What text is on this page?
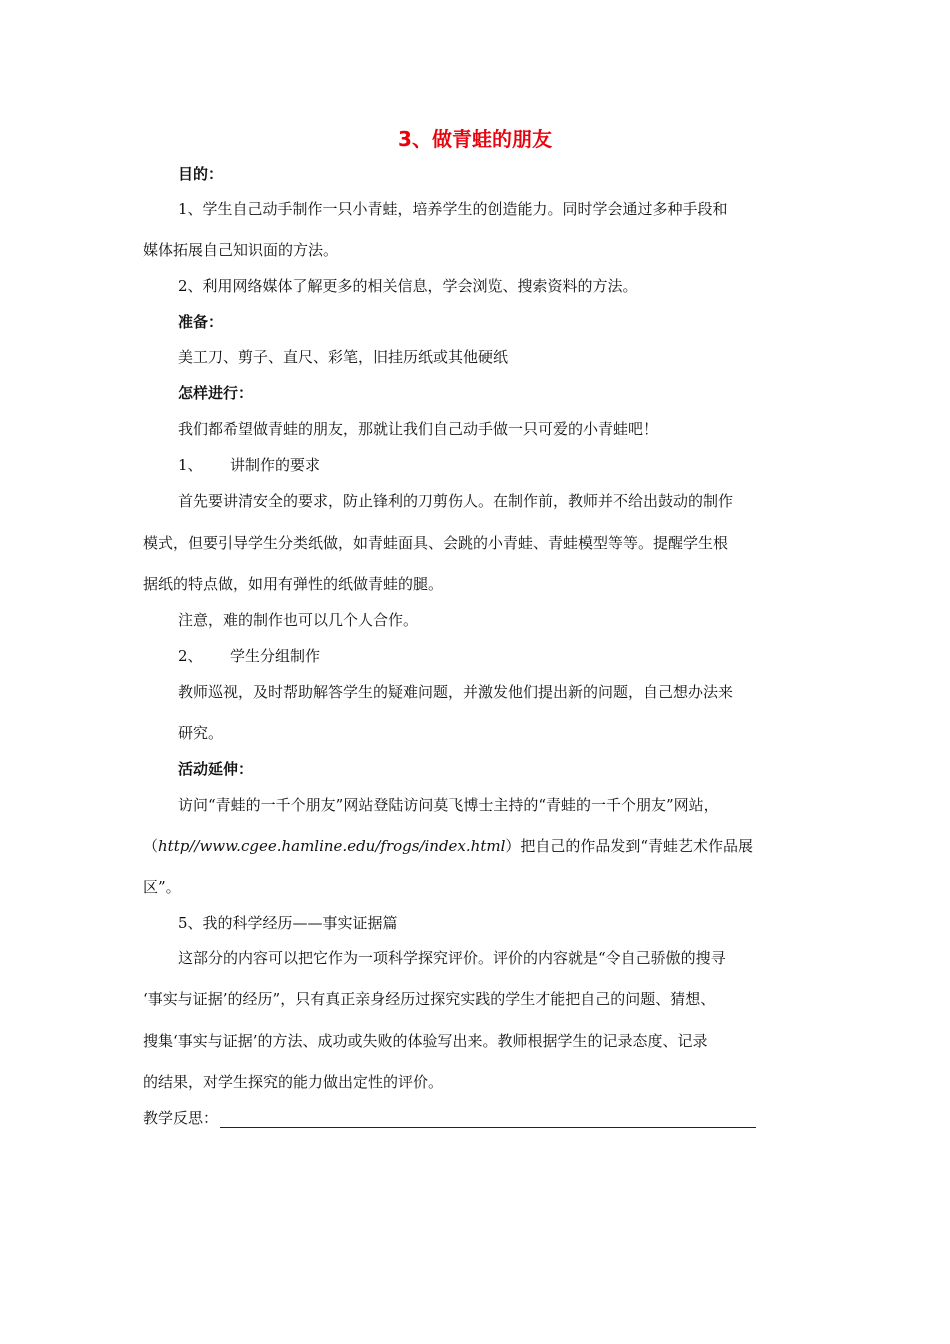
3、做青蛙的朋友
目的：
1、学生自己动手制作一只小青蛙，培养学生的创造能力。同时学会通过多种手段和
媒体拓展自己知识面的方法。
2、利用网络媒体了解更多的相关信息，学会浏览、搜索资料的方法。
准备：
美工刀、剪子、直尺、彩笔，旧挂历纸或其他硬纸
怎样进行：
我们都希望做青蛙的朋友，那就让我们自己动手做一只可爱的小青蛙吧！
1、 讲制作的要求
首先要讲清安全的要求，防止锋利的刀剪伤人。在制作前，教师并不给出鼓动的制作
模式，但要引导学生分类纸做，如青蛙面具、会跳的小青蛙、青蛙模型等等。提醒学生根
据纸的特点做，如用有弹性的纸做青蛙的腿。
注意，难的制作也可以几个人合作。
2、 学生分组制作
教师巡视，及时帮助解答学生的疑难问题，并激发他们提出新的问题，自己想办法来
研究。
活动延伸：
访问“青蛙的一千个朋友”网站登陆访问莫飞博士主持的“青蛙的一千个朋友”网站，
（http//www.cgee.hamline.edu/frogs/index.html）把自己的作品发到“青蛙艺术作品展
区”。
5、我的科学经历——事实证据篇
这部分的内容可以把它作为一项科学探究评价。评价的内容就是“令自己骄傲的搜寻
‘事实与证据’的经历”，只有真正亲身经历过探究实践的学生才能把自己的问题、猜想、
搜集‘事实与证据’的方法、成功或失败的体验写出来。教师根据学生的记录态度、记录
的结果，对学生探究的能力做出定性的评价。
教学反思：
